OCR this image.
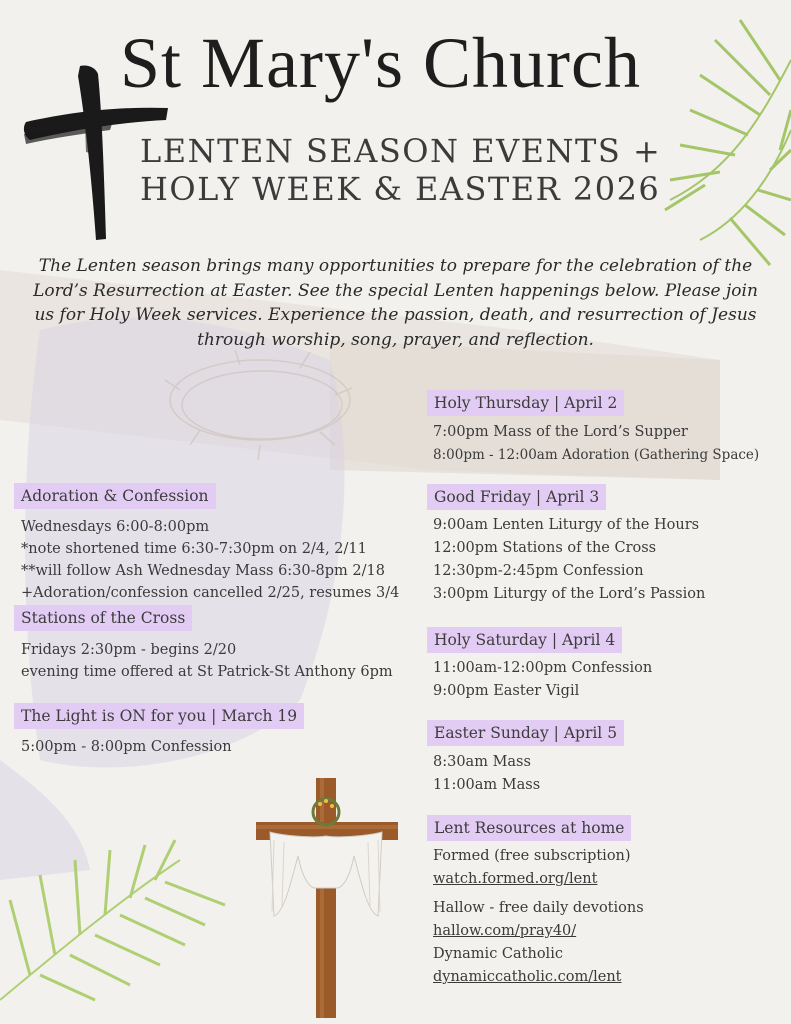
St Mary's Church
LENTEN SEASON EVENTS +
HOLY WEEK & EASTER 2026
The Lenten season brings many opportunities to prepare for the celebration of the Lord’s Resurrection at Easter. See the special Lenten happenings below. Please join us for Holy Week services. Experience the passion, death, and resurrection of Jesus through worship, song, prayer, and reflection.
Adoration & Confession
Wednesdays 6:00-8:00pm
*note shortened time 6:30-7:30pm on 2/4, 2/11
**will follow Ash Wednesday Mass 6:30-8pm 2/18
+Adoration/confession cancelled 2/25, resumes 3/4
Stations of the Cross
Fridays 2:30pm - begins 2/20
evening time offered at St Patrick-St Anthony 6pm
The Light is ON for you | March 19
5:00pm - 8:00pm Confession
Holy Thursday | April 2
7:00pm Mass of the Lord’s Supper
8:00pm - 12:00am Adoration (Gathering Space)
Good Friday | April 3
9:00am Lenten Liturgy of the Hours
12:00pm Stations of the Cross
12:30pm-2:45pm Confession
3:00pm Liturgy of the Lord’s Passion
Holy Saturday | April 4
11:00am-12:00pm Confession
9:00pm Easter Vigil
Easter Sunday | April 5
8:30am Mass
11:00am Mass
Lent Resources at home
Formed (free subscription)
watch.formed.org/lent
Hallow - free daily devotions
hallow.com/pray40/
Dynamic Catholic
dynamiccatholic.com/lent
